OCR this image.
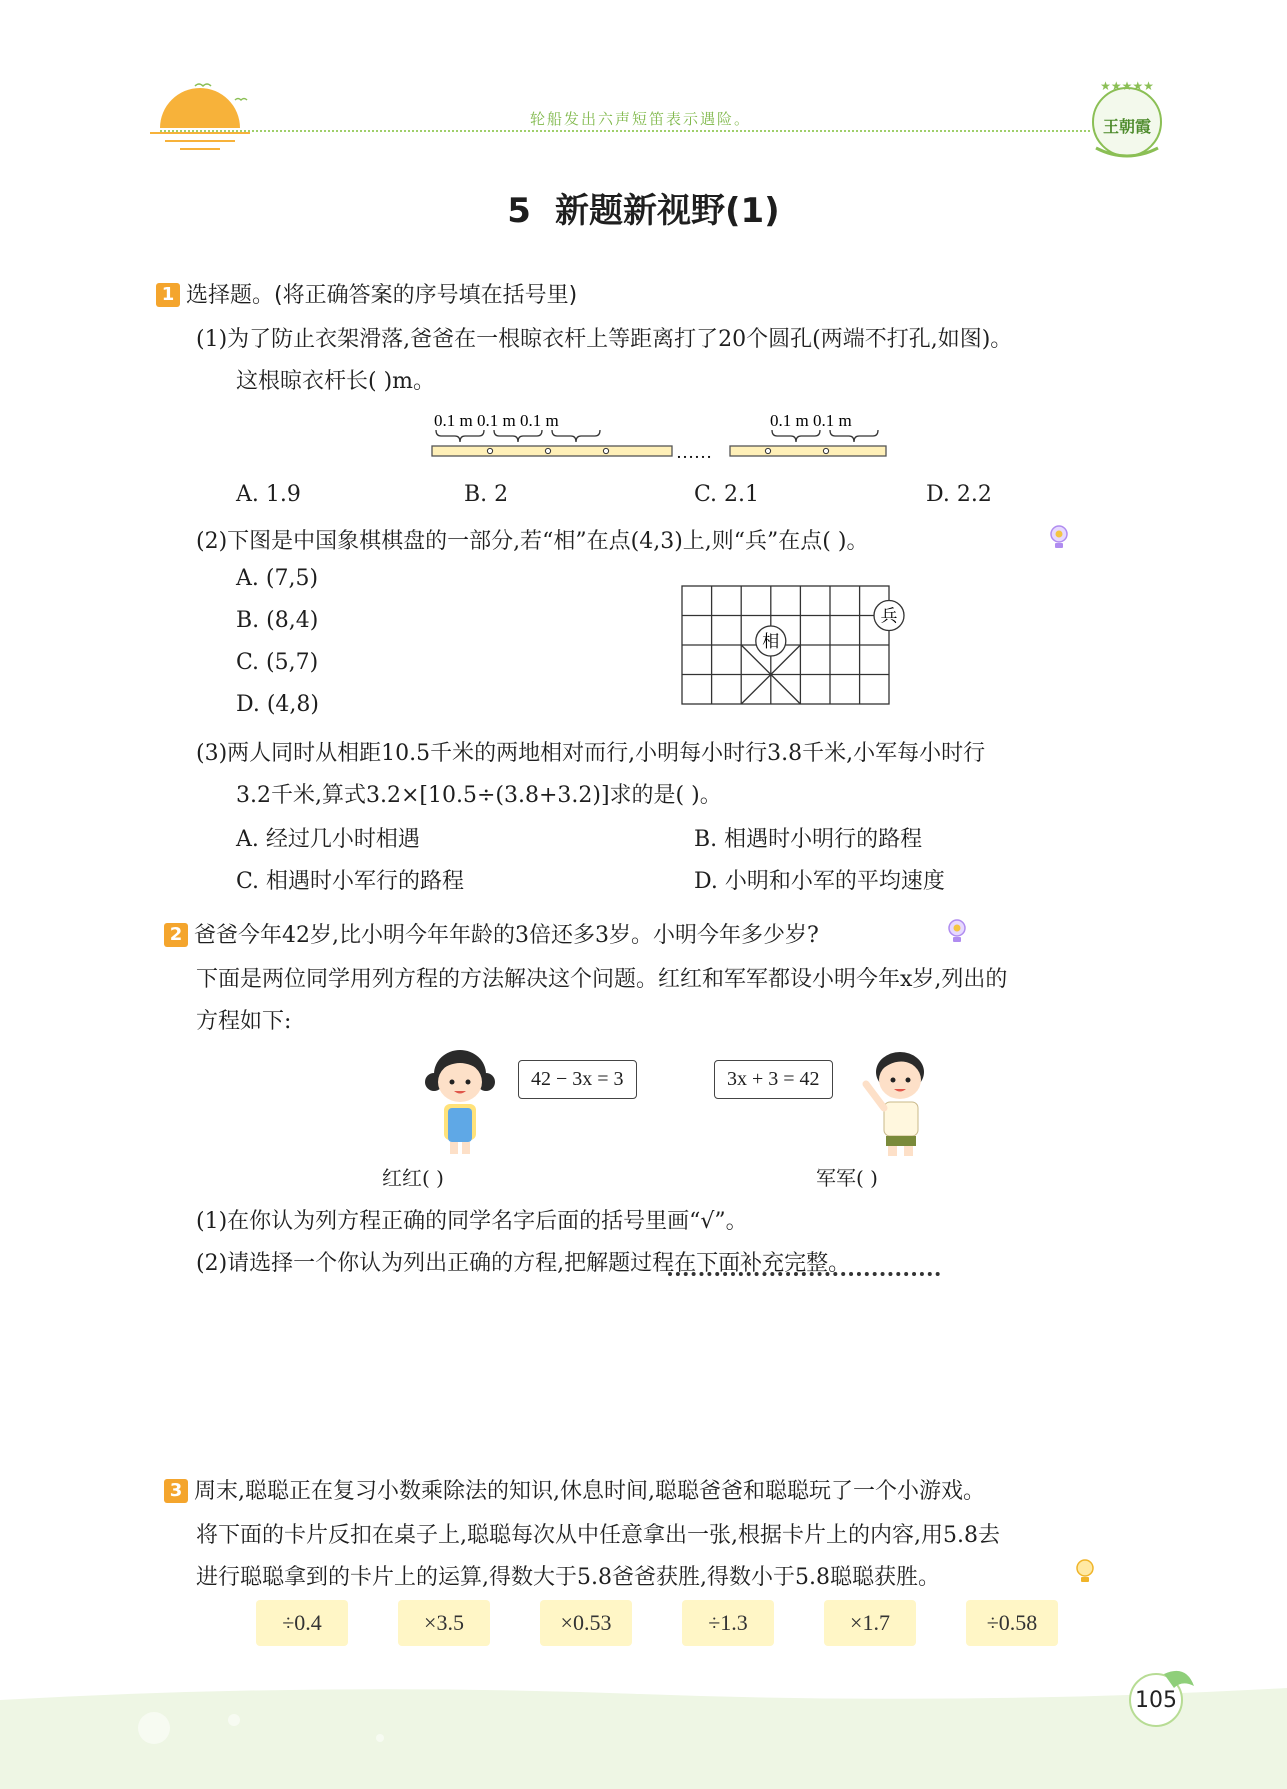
轮船发出六声短笛表示遇险。
★★★★★
王朝霞
5 新题新视野(1)
1 选择题。(将正确答案的序号填在括号里)
(1)为了防止衣架滑落,爸爸在一根晾衣杆上等距离打了20个圆孔(两端不打孔,如图)。
这根晾衣杆长( )m。
0.1 m 0.1 m 0.1 m
……
0.1 m 0.1 m
A. 1.9	B. 2	C. 2.1	D. 2.2
(2)下图是中国象棋棋盘的一部分,若“相”在点(4,3)上,则“兵”在点( )。
A. (7,5)
B. (8,4)
C. (5,7)
D. (4,8)
相
兵
(3)两人同时从相距10.5千米的两地相对而行,小明每小时行3.8千米,小军每小时行
3.2千米,算式3.2×[10.5÷(3.8+3.2)]求的是( )。
A. 经过几小时相遇	B. 相遇时小明行的路程
C. 相遇时小军行的路程	D. 小明和小军的平均速度
2 爸爸今年42岁,比小明今年年龄的3倍还多3岁。小明今年多少岁?
下面是两位同学用列方程的方法解决这个问题。红红和军军都设小明今年x岁,列出的
方程如下:
42 − 3x = 3	3x + 3 = 42
红红( )	军军( )
(1)在你认为列方程正确的同学名字后面的括号里画“√”。
(2)请选择一个你认为列出正确的方程,把解题过程在下面补充完整。
3 周末,聪聪正在复习小数乘除法的知识,休息时间,聪聪爸爸和聪聪玩了一个小游戏。
将下面的卡片反扣在桌子上,聪聪每次从中任意拿出一张,根据卡片上的内容,用5.8去
进行聪聪拿到的卡片上的运算,得数大于5.8爸爸获胜,得数小于5.8聪聪获胜。
÷0.4	×3.5	×0.53	÷1.3	×1.7	÷0.58
105
